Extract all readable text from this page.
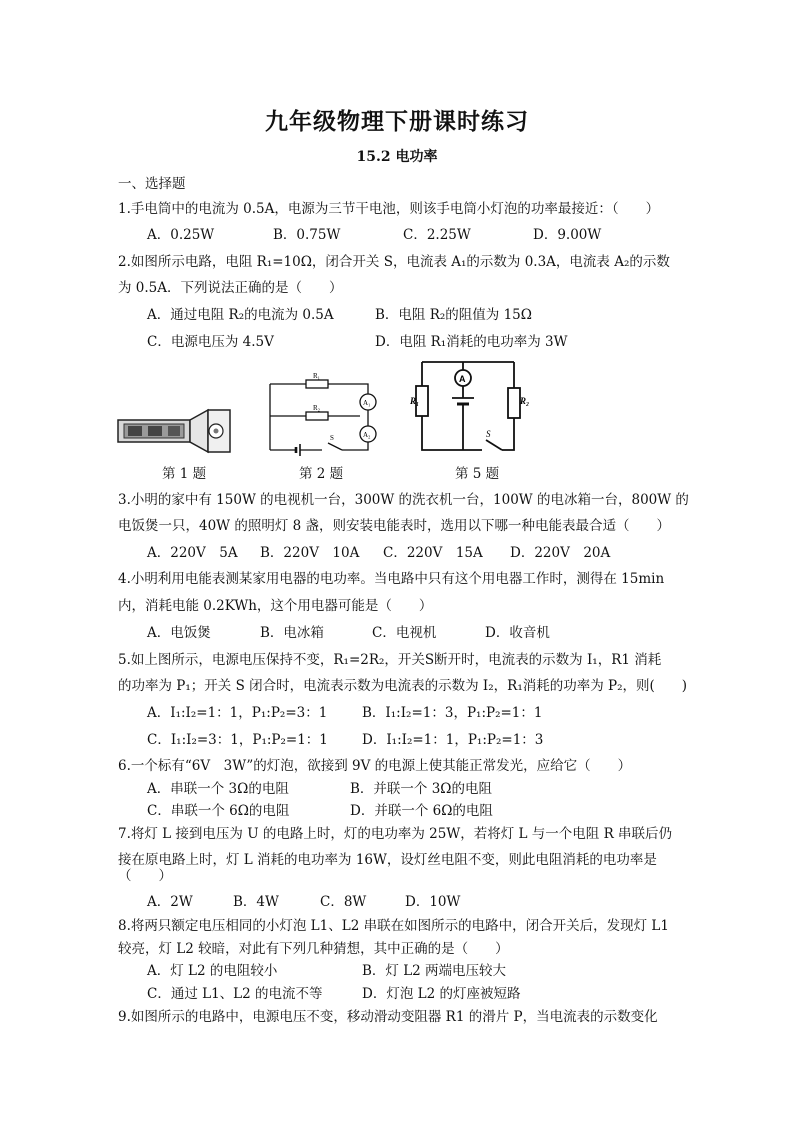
九年级物理下册课时练习
15.2 电功率
一、选择题
1.手电筒中的电流为 0.5A，电源为三节干电池，则该手电筒小灯泡的功率最接近：（　　）
A．0.25W	B．0.75W	C．2.25W	D．9.00W
2.如图所示电路，电阻 R₁=10Ω，闭合开关 S，电流表 A₁的示数为 0.3A，电流表 A₂的示数
为 0.5A．下列说法正确的是（　　）
A．通过电阻 R₂的电流为 0.5A	B．电阻 R₂的阻值为 15Ω
C．电源电压为 4.5V	D．电阻 R₁消耗的电功率为 3W
第 1 题
R₁
R₂
A₁
A₂
S
第 2 题
R₁	R₂
A
S
第 5 题
3.小明的家中有 150W 的电视机一台，300W 的洗衣机一台，100W 的电冰箱一台，800W 的
电饭煲一只，40W 的照明灯 8 盏，则安装电能表时，选用以下哪一种电能表最合适（　　）
A．220V　5A B．220V　10A C．220V　15A D．220V　20A
4.小明利用电能表测某家用电器的电功率。当电路中只有这个用电器工作时，测得在 15min
内，消耗电能 0.2KWh，这个用电器可能是（　　）
A．电饭煲	B．电冰箱	C．电视机	D．收音机
5.如上图所示，电源电压保持不变，R₁=2R₂，开关S断开时，电流表的示数为 I₁，R1 消耗
的功率为 P₁；开关 S 闭合时，电流表示数为电流表的示数为 I₂，R₁消耗的功率为 P₂，则(　　)
A．I₁:I₂=1：1，P₁:P₂=3：1	B．I₁:I₂=1：3，P₁:P₂=1：1
C．I₁:I₂=3：1，P₁:P₂=1：1	D．I₁:I₂=1：1，P₁:P₂=1：3
6.一个标有“6V　3W”的灯泡，欲接到 9V 的电源上使其能正常发光，应给它（　　）
A．串联一个 3Ω的电阻	B．并联一个 3Ω的电阻
C．串联一个 6Ω的电阻	D．并联一个 6Ω的电阻
7.将灯 L 接到电压为 U 的电路上时，灯的电功率为 25W，若将灯 L 与一个电阻 R 串联后仍
接在原电路上时，灯 L 消耗的电功率为 16W，设灯丝电阻不变，则此电阻消耗的电功率是
（　　）
A．2W	B．4W	C．8W	D．10W
8.将两只额定电压相同的小灯泡 L1、L2 串联在如图所示的电路中，闭合开关后，发现灯 L1
较亮，灯 L2 较暗，对此有下列几种猜想，其中正确的是（　　）
A．灯 L2 的电阻较小	B．灯 L2 两端电压较大
C．通过 L1、L2 的电流不等	D．灯泡 L2 的灯座被短路
9.如图所示的电路中，电源电压不变，移动滑动变阻器 R1 的滑片 P，当电流表的示数变化
